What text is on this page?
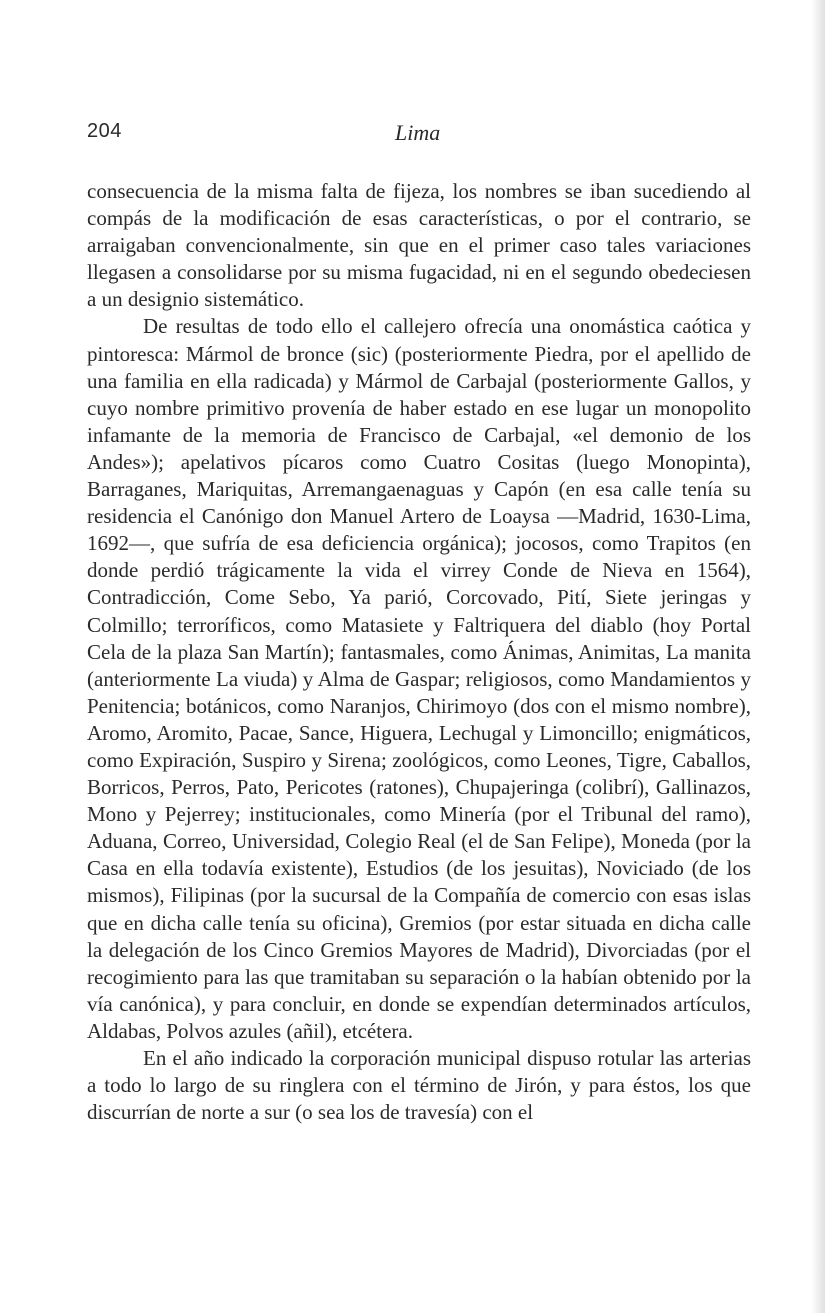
204	Lima

consecuencia de la misma falta de fijeza, los nombres se iban sucediendo al compás de la modificación de esas características, o por el contrario, se arraigaban convencionalmente, sin que en el primer caso tales variaciones llegasen a consolidarse por su misma fugacidad, ni en el segundo obedeciesen a un designio sistemático.

De resultas de todo ello el callejero ofrecía una onomástica caótica y pintoresca: Mármol de bronce (sic) (posteriormente Piedra, por el apellido de una familia en ella radicada) y Mármol de Carbajal (posteriormente Gallos, y cuyo nombre primitivo provenía de haber estado en ese lugar un monopolito infamante de la memoria de Francisco de Carbajal, «el demonio de los Andes»); apelativos pícaros como Cuatro Cositas (luego Monopinta), Barraganes, Mariquitas, Arremangaenaguas y Capón (en esa calle tenía su residencia el Canónigo don Manuel Artero de Loaysa —Madrid, 1630-Lima, 1692—, que sufría de esa deficiencia orgánica); jocosos, como Trapitos (en donde perdió trágicamente la vida el virrey Conde de Nieva en 1564), Contradicción, Come Sebo, Ya parió, Corcovado, Pití, Siete jeringas y Colmillo; terroríficos, como Matasiete y Faltriquera del diablo (hoy Portal Cela de la plaza San Martín); fantasmales, como Ánimas, Animitas, La manita (anteriormente La viuda) y Alma de Gaspar; religiosos, como Mandamientos y Penitencia; botánicos, como Naranjos, Chirimoyo (dos con el mismo nombre), Aromo, Aromito, Pacae, Sance, Higuera, Lechugal y Limoncillo; enigmáticos, como Expiración, Suspiro y Sirena; zoológicos, como Leones, Tigre, Caballos, Borricos, Perros, Pato, Pericotes (ratones), Chupajeringa (colibrí), Gallinazos, Mono y Pejerrey; institucionales, como Minería (por el Tribunal del ramo), Aduana, Correo, Universidad, Colegio Real (el de San Felipe), Moneda (por la Casa en ella todavía existente), Estudios (de los jesuitas), Noviciado (de los mismos), Filipinas (por la sucursal de la Compañía de comercio con esas islas que en dicha calle tenía su oficina), Gremios (por estar situada en dicha calle la delegación de los Cinco Gremios Mayores de Madrid), Divorciadas (por el recogimiento para las que tramitaban su separación o la habían obtenido por la vía canónica), y para concluir, en donde se expendían determinados artículos, Aldabas, Polvos azules (añil), etcétera.

En el año indicado la corporación municipal dispuso rotular las arterias a todo lo largo de su ringlera con el término de Jirón, y para éstos, los que discurrían de norte a sur (o sea los de travesía) con el
